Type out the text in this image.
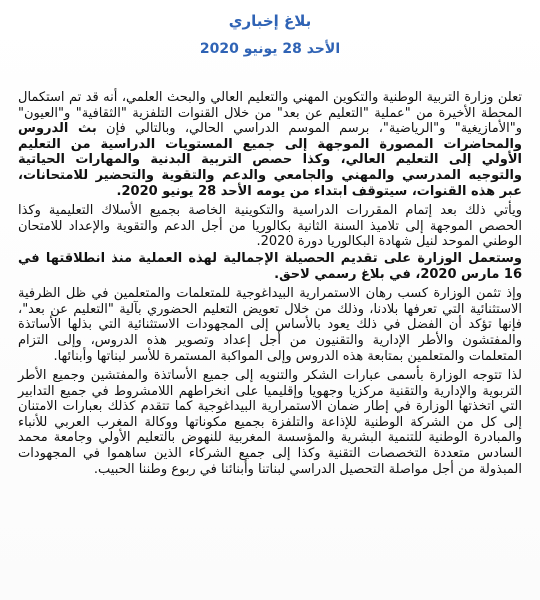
بلاغ إخباري
الأحد 28 يونيو 2020

تعلن وزارة التربية الوطنية والتكوين المهني والتعليم العالي والبحث العلمي، أنه قد تم استكمال المحطة الأخيرة من "عملية "التعليم عن بعد" من خلال القنوات التلفزية "الثقافية" و"العيون" و"الأمازيغية" و"الرياضية"، برسم الموسم الدراسي الحالي، وبالتالي فإن بث الدروس والمحاضرات المصورة الموجهة إلى جميع المستويات الدراسية من التعليم الأولي إلى التعليم العالي، وكذا حصص التربية البدنية والمهارات الحياتية والتوجيه المدرسي والمهني والجامعي والدعم والتقوية والتحضير للامتحانات، عبر هذه القنوات، سيتوقف ابتداء من يومه الأحد 28 يونيو 2020.

ويأتي ذلك بعد إتمام المقررات الدراسية والتكوينية الخاصة بجميع الأسلاك التعليمية وكذا الحصص الموجهة إلى تلاميذ السنة الثانية بكالوريا من أجل الدعم والتقوية والإعداد للامتحان الوطني الموحد لنيل شهادة البكالوريا دورة 2020.

وستعمل الوزارة على تقديم الحصيلة الإجمالية لهذه العملية منذ انطلاقتها في 16 مارس 2020، في بلاغ رسمي لاحق.

وإذ تثمن الوزارة كسب رهان الاستمرارية البيداغوجية للمتعلمات والمتعلمين في ظل الظرفية الاستثنائية التي تعرفها بلادنا، وذلك من خلال تعويض التعليم الحضوري بآلية "التعليم عن بعد"، فإنها تؤكد أن الفضل في ذلك يعود بالأساس إلى المجهودات الاستثنائية التي بذلها الأساتذة والمفتشون والأطر الإدارية والتقنيون من أجل إعداد وتصوير هذه الدروس، وإلى التزام المتعلمات والمتعلمين بمتابعة هذه الدروس وإلى المواكبة المستمرة للأسر لبناتها وأبنائها.

لذا تتوجه الوزارة بأسمى عبارات الشكر والتنويه إلى جميع الأساتذة والمفتشين وجميع الأطر التربوية والإدارية والتقنية مركزيا وجهويا وإقليميا على انخراطهم اللامشروط في جميع التدابير التي اتخذتها الوزارة في إطار ضمان الاستمرارية البيداغوجية كما تتقدم كذلك بعبارات الامتنان إلى كل من الشركة الوطنية للإذاعة والتلفزة بجميع مكوناتها ووكالة المغرب العربي للأنباء والمبادرة الوطنية للتنمية البشرية والمؤسسة المغربية للنهوض بالتعليم الأولي وجامعة محمد السادس متعددة التخصصات التقنية وكذا إلى جميع الشركاء الذين ساهموا في المجهودات المبذولة من أجل مواصلة التحصيل الدراسي لبناتنا وأبنائنا في ربوع وطننا الحبيب.
